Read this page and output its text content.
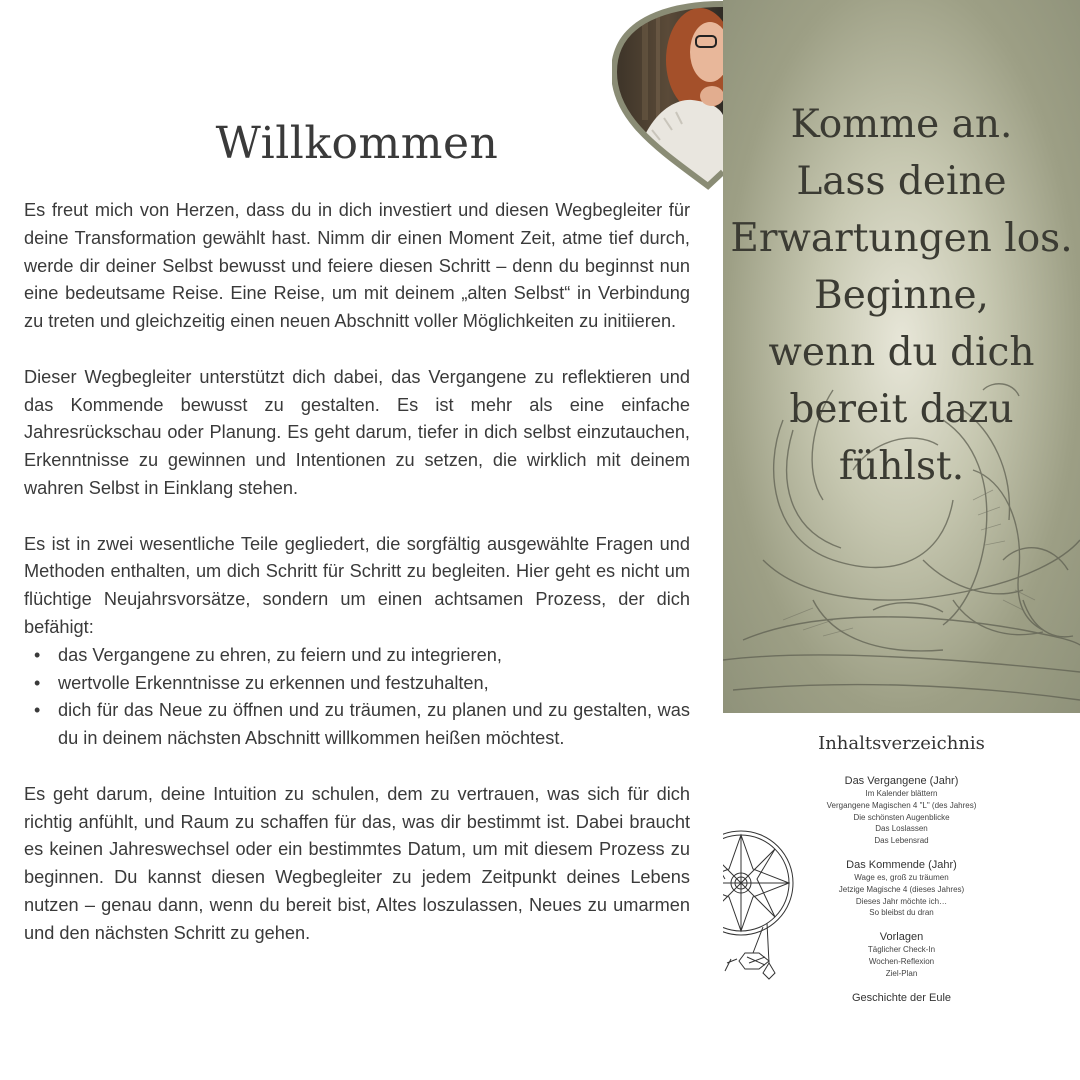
Willkommen

Es freut mich von Herzen, dass du in dich investiert und diesen Wegbegleiter für deine Transformation gewählt hast. Nimm dir einen Moment Zeit, atme tief durch, werde dir deiner Selbst bewusst und feiere diesen Schritt – denn du beginnst nun eine bedeutsame Reise. Eine Reise, um mit deinem „alten Selbst“ in Verbindung zu treten und gleichzeitig einen neuen Abschnitt voller Möglichkeiten zu initiieren.

Dieser Wegbegleiter unterstützt dich dabei, das Vergangene zu reflektieren und das Kommende bewusst zu gestalten. Es ist mehr als eine einfache Jahresrückschau oder Planung. Es geht darum, tiefer in dich selbst einzutauchen, Erkenntnisse zu gewinnen und Intentionen zu setzen, die wirklich mit deinem wahren Selbst in Einklang stehen.

Es ist in zwei wesentliche Teile gegliedert, die sorgfältig ausgewählte Fragen und Methoden enthalten, um dich Schritt für Schritt zu begleiten. Hier geht es nicht um flüchtige Neujahrsvorsätze, sondern um einen achtsamen Prozess, der dich befähigt:

• das Vergangene zu ehren, zu feiern und zu integrieren,
• wertvolle Erkenntnisse zu erkennen und festzuhalten,
• dich für das Neue zu öffnen und zu träumen, zu planen und zu gestalten, was du in deinem nächsten Abschnitt willkommen heißen möchtest.

Es geht darum, deine Intuition zu schulen, dem zu vertrauen, was sich für dich richtig anfühlt, und Raum zu schaffen für das, was dir bestimmt ist. Dabei braucht es keinen Jahreswechsel oder ein bestimmtes Datum, um mit diesem Prozess zu beginnen. Du kannst diesen Wegbegleiter zu jedem Zeitpunkt deines Lebens nutzen – genau dann, wenn du bereit bist, Altes loszulassen, Neues zu umarmen und den nächsten Schritt zu gehen.

Komme an.
Lass deine
Erwartungen los.
Beginne,
wenn du dich
bereit dazu
fühlst.
Inhaltsverzeichnis
Das Vergangene (Jahr)
Im Kalender blättern
Vergangene Magischen 4 "L" (des Jahres)
Die schönsten Augenblicke
Das Loslassen
Das Lebensrad
Das Kommende (Jahr)
Wage es, groß zu träumen
Jetzige Magische 4 (dieses Jahres)
Dieses Jahr möchte ich…
So bleibst du dran
Vorlagen
Täglicher Check-In
Wochen-Reflexion
Ziel-Plan
Geschichte der Eule
